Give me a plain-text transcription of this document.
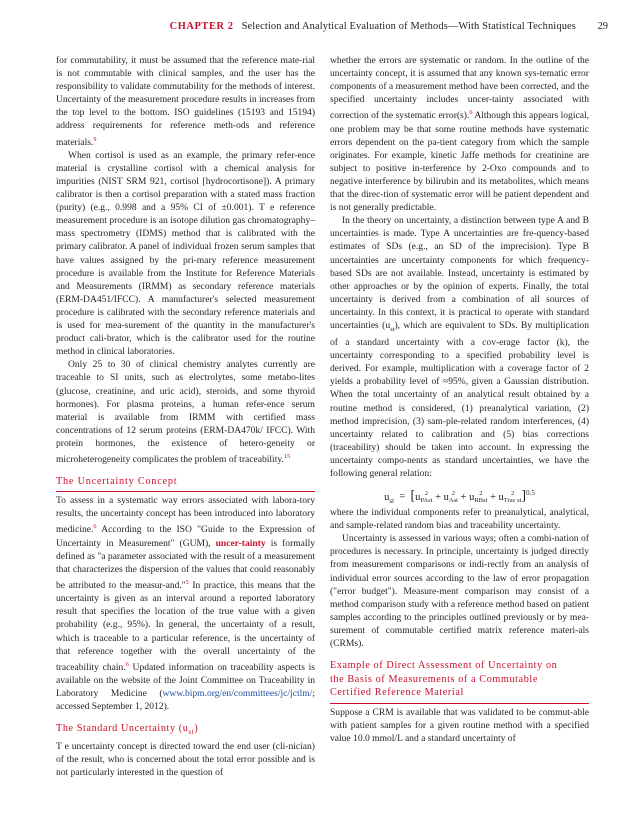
CHAPTER 2 Selection and Analytical Evaluation of Methods—With Statistical Techniques 29

for commutability, it must be assumed that the reference mate-rial is not commutable with clinical samples, and the user has the responsibility to validate commutability for the methods of interest. Uncertainty of the measurement procedure results in increases from the top level to the bottom. ISO guidelines (15193 and 15194) address requirements for reference meth-ods and reference materials.$^9$

When cortisol is used as an example, the primary refer-ence material is crystalline cortisol with a chemical analysis for impurities (NIST SRM 921, cortisol [hydrocortisone]). A primary calibrator is then a cortisol preparation with a stated mass fraction (purity) (e.g., 0.998 and a 95% CI of ±0.001). T e reference measurement procedure is an isotope dilution gas chromatography–mass spectrometry (IDMS) method that is calibrated with the primary calibrator. A panel of individual frozen serum samples that have values assigned by the pri-mary reference measurement procedure is available from the Institute for Reference Materials and Measurements (IRMM) as secondary reference materials (ERM-DA451/IFCC). A manufacturer's selected measurement procedure is calibrated with the secondary reference materials and is used for mea-surement of the quantity in the manufacturer's product cali-brator, which is the calibrator used for the routine method in clinical laboratories.

Only 25 to 30 of clinical chemistry analytes currently are traceable to SI units, such as electrolytes, some metabo-lites (glucose, creatinine, and uric acid), steroids, and some thyroid hormones). For plasma proteins, a human refer-ence serum material is available from IRMM with certified mass concentrations of 12 serum proteins (ERM-DA470k/ IFCC). With protein hormones, the existence of hetero-geneity or microheterogeneity complicates the problem of traceability.$^{15}$

The Uncertainty Concept

To assess in a systematic way errors associated with labora-tory results, the uncertainty concept has been introduced into laboratory medicine.$^6$ According to the ISO "Guide to the Expression of Uncertainty in Measurement" (GUM), uncer-tainty is formally defined as "a parameter associated with the result of a measurement that characterizes the dispersion of the values that could reasonably be attributed to the measur-and."$^5$ In practice, this means that the uncertainty is given as an interval around a reported laboratory result that specifies the location of the true value with a given probability (e.g., 95%). In general, the uncertainty of a result, which is traceable to a particular reference, is the uncertainty of that reference together with the overall uncertainty of the traceability chain.$^6$ Updated information on traceability aspects is available on the website of the Joint Committee on Traceability in Laboratory Medicine (www.bipm.org/en/committees/jc/jctlm/; accessed September 1, 2012).

The Standard Uncertainty $(u_{st})$

T e uncertainty concept is directed toward the end user (cli-nician) of the result, who is concerned about the total error possible and is not particularly interested in the question of

whether the errors are systematic or random. In the outline of the uncertainty concept, it is assumed that any known sys-tematic error components of a measurement method have been corrected, and the specified uncertainty includes uncer-tainty associated with correction of the systematic error(s).$^6$ Although this appears logical, one problem may be that some routine methods have systematic errors dependent on the pa-tient category from which the sample originates. For example, kinetic Jaffe methods for creatinine are subject to positive in-terference by 2-Oxo compounds and to negative interference by bilirubin and its metabolites, which means that the direc-tion of systematic error will be patient dependent and is not generally predictable.

In the theory on uncertainty, a distinction between type A and B uncertainties is made. Type A uncertainties are fre-quency-based estimates of SDs (e.g., an SD of the imprecision). Type B uncertainties are uncertainty components for which frequency-based SDs are not available. Instead, uncertainty is estimated by other approaches or by the opinion of experts. Finally, the total uncertainty is derived from a combination of all sources of uncertainty. In this context, it is practical to operate with standard uncertainties $(u_{st})$, which are equivalent to SDs. By multiplication of a standard uncertainty with a cov-erage factor (k), the uncertainty corresponding to a specified probability level is derived. For example, multiplication with a coverage factor of 2 yields a probability level of ≈95%, given a Gaussian distribution. When the total uncertainty of an analytical result obtained by a routine method is considered, (1) preanalytical variation, (2) method imprecision, (3) sam-ple-related random interferences, (4) uncertainty related to calibration and (5) bias corrections (traceability) should be taken into account. In expressing the uncertainty compo-nents as standard uncertainties, we have the following general relation:

$u_{st} = [u$ 2
PAst + u 2
Ast + u 2
RBst + u	2
Trac st ]$^{0.5}$

where the individual components refer to preanalytical, analytical, and sample-related random bias and traceability uncertainty.

Uncertainty is assessed in various ways; often a combi-nation of procedures is necessary. In principle, uncertainty is judged directly from measurement comparisons or indi-rectly from an analysis of individual error sources according to the law of error propagation ("error budget"). Measure-ment comparison may consist of a method comparison study with a reference method based on patient samples according to the principles outlined previously or by mea-surement of commutable certified matrix reference materi-als (CRMs).

Example of Direct Assessment of Uncertainty on
the Basis of Measurements of a Commutable
Certified Reference Material

Suppose a CRM is available that was validated to be commut-able with patient samples for a given routine method with a specified value 10.0 mmol/L and a standard uncertainty of
